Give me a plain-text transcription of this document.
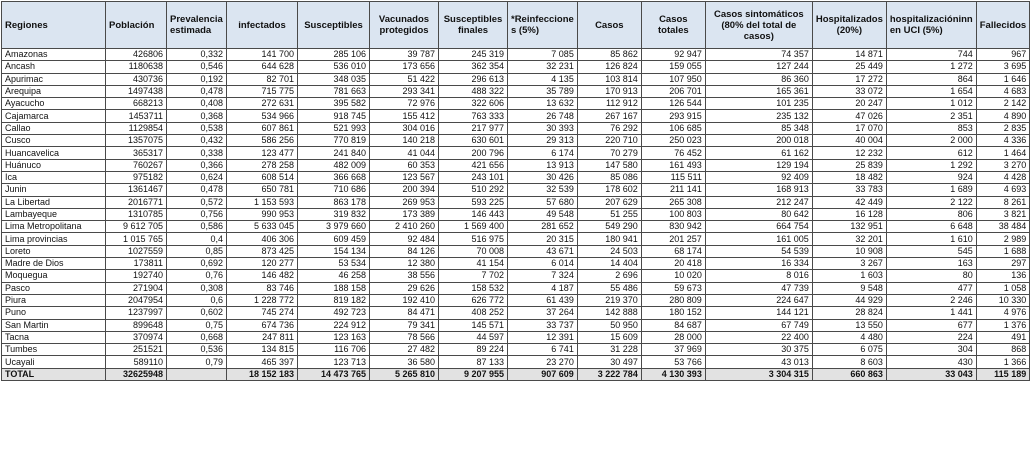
Regiones	Población	Prevalencia estimada	infectados	Susceptibles	Vacunados protegidos	Susceptibles finales	*Reinfeccione s (5%)	Casos	Casos totales	Casos sintomáticos (80% del total de casos)	Hospitalizados (20%)	hospitalizacióninn en UCI (5%)	Fallecidos
Amazonas	426806	0,332	141 700	285 106	39 787	245 319	7 085	85 862	92 947	74 357	14 871	744	967
Ancash	1180638	0,546	644 628	536 010	173 656	362 354	32 231	126 824	159 055	127 244	25 449	1 272	3 695
Apurimac	430736	0,192	82 701	348 035	51 422	296 613	4 135	103 814	107 950	86 360	17 272	864	1 646
Arequipa	1497438	0,478	715 775	781 663	293 341	488 322	35 789	170 913	206 701	165 361	33 072	1 654	4 683
Ayacucho	668213	0,408	272 631	395 582	72 976	322 606	13 632	112 912	126 544	101 235	20 247	1 012	2 142
Cajamarca	1453711	0,368	534 966	918 745	155 412	763 333	26 748	267 167	293 915	235 132	47 026	2 351	4 890
Callao	1129854	0,538	607 861	521 993	304 016	217 977	30 393	76 292	106 685	85 348	17 070	853	2 835
Cusco	1357075	0,432	586 256	770 819	140 218	630 601	29 313	220 710	250 023	200 018	40 004	2 000	4 336
Huancavelica	365317	0,338	123 477	241 840	41 044	200 796	6 174	70 279	76 452	61 162	12 232	612	1 464
Huánuco	760267	0,366	278 258	482 009	60 353	421 656	13 913	147 580	161 493	129 194	25 839	1 292	3 270
Ica	975182	0,624	608 514	366 668	123 567	243 101	30 426	85 086	115 511	92 409	18 482	924	4 428
Junin	1361467	0,478	650 781	710 686	200 394	510 292	32 539	178 602	211 141	168 913	33 783	1 689	4 693
La Libertad	2016771	0,572	1 153 593	863 178	269 953	593 225	57 680	207 629	265 308	212 247	42 449	2 122	8 261
Lambayeque	1310785	0,756	990 953	319 832	173 389	146 443	49 548	51 255	100 803	80 642	16 128	806	3 821
Lima Metropolitana	9 612 705	0,586	5 633 045	3 979 660	2 410 260	1 569 400	281 652	549 290	830 942	664 754	132 951	6 648	38 484
Lima provincias	1 015 765	0,4	406 306	609 459	92 484	516 975	20 315	180 941	201 257	161 005	32 201	1 610	2 989
Loreto	1027559	0,85	873 425	154 134	84 126	70 008	43 671	24 503	68 174	54 539	10 908	545	1 688
Madre de Dios	173811	0,692	120 277	53 534	12 380	41 154	6 014	14 404	20 418	16 334	3 267	163	297
Moquegua	192740	0,76	146 482	46 258	38 556	7 702	7 324	2 696	10 020	8 016	1 603	80	136
Pasco	271904	0,308	83 746	188 158	29 626	158 532	4 187	55 486	59 673	47 739	9 548	477	1 058
Piura	2047954	0,6	1 228 772	819 182	192 410	626 772	61 439	219 370	280 809	224 647	44 929	2 246	10 330
Puno	1237997	0,602	745 274	492 723	84 471	408 252	37 264	142 888	180 152	144 121	28 824	1 441	4 976
San Martin	899648	0,75	674 736	224 912	79 341	145 571	33 737	50 950	84 687	67 749	13 550	677	1 376
Tacna	370974	0,668	247 811	123 163	78 566	44 597	12 391	15 609	28 000	22 400	4 480	224	491
Tumbes	251521	0,536	134 815	116 706	27 482	89 224	6 741	31 228	37 969	30 375	6 075	304	868
Ucayali	589110	0,79	465 397	123 713	36 580	87 133	23 270	30 497	53 766	43 013	8 603	430	1 366
TOTAL	32625948		18 152 183	14 473 765	5 265 810	9 207 955	907 609	3 222 784	4 130 393	3 304 315	660 863	33 043	115 189
